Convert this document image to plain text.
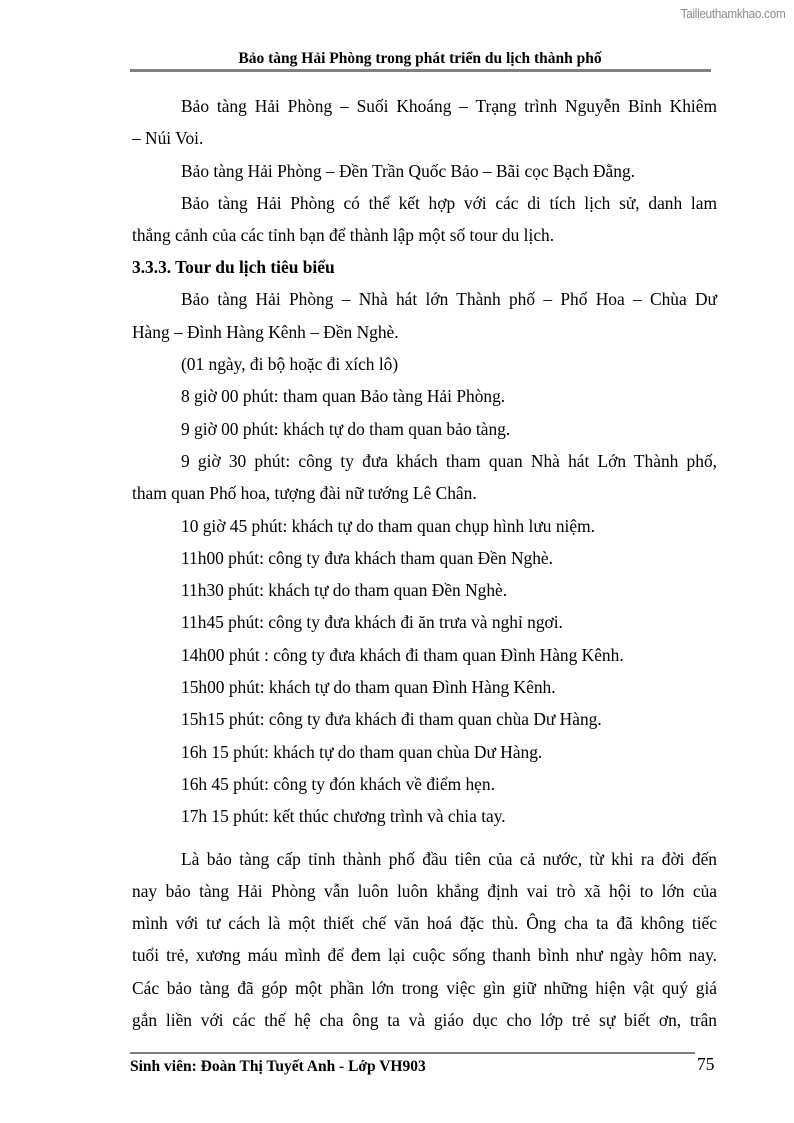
Tailieuthamkhao.com
Bảo tàng Hải Phòng trong phát triển du lịch thành phố

Bảo tàng Hải Phòng – Suối Khoáng – Trạng trình Nguyễn Bỉnh Khiêm

– Núi Voi.

Bảo tàng Hải Phòng – Đền Trần Quốc Bảo – Bãi cọc Bạch Đằng.

Bảo tàng Hải Phòng có thể kết hợp với các di tích lịch sử, danh lam

thắng cảnh của các tỉnh bạn để thành lập một số tour du lịch.

3.3.3. Tour du lịch tiêu biểu

Bảo tàng Hải Phòng – Nhà hát lớn Thành phố – Phố Hoa – Chùa Dư

Hàng – Đình Hàng Kênh – Đền Nghè.

(01 ngày, đi bộ hoặc đi xích lô)

8 giờ 00 phút: tham quan Bảo tàng Hải Phòng.

9 giờ 00 phút: khách tự do tham quan bảo tàng.

9 giờ 30 phút: công ty đưa khách tham quan Nhà hát Lớn Thành phố,

tham quan Phố hoa, tượng đài nữ tướng Lê Chân.

10 giờ 45 phút: khách tự do tham quan chụp hình lưu niệm.

11h00 phút: công ty đưa khách tham quan Đền Nghè.

11h30 phút: khách tự do tham quan Đền Nghè.

11h45 phút: công ty đưa khách đi ăn trưa và nghỉ ngơi.

14h00 phút : công ty đưa khách đi tham quan Đình Hàng Kênh.

15h00 phút: khách tự do tham quan Đình Hàng Kênh.

15h15 phút: công ty đưa khách đi tham quan chùa Dư Hàng.

16h 15 phút: khách tự do tham quan chùa Dư Hàng.

16h 45 phút: công ty đón khách về điểm hẹn.

17h 15 phút: kết thúc chương trình và chia tay.

Là bảo tàng cấp tỉnh thành phố đầu tiên của cả nước, từ khi ra đời đến

nay bảo tàng Hải Phòng vẫn luôn luôn khẳng định vai trò xã hội to lớn của

mình với tư cách là một thiết chế văn hoá đặc thù. Ông cha ta đã không tiếc

tuổi trẻ, xương máu mình để đem lại cuộc sống thanh bình như ngày hôm nay.

Các bảo tàng đã góp một phần lớn trong việc gìn giữ những hiện vật quý giá

gắn liền với các thế hệ cha ông ta và giáo dục cho lớp trẻ sự biết ơn, trân

Sinh viên: Đoàn Thị Tuyết Anh - Lớp VH903	75
